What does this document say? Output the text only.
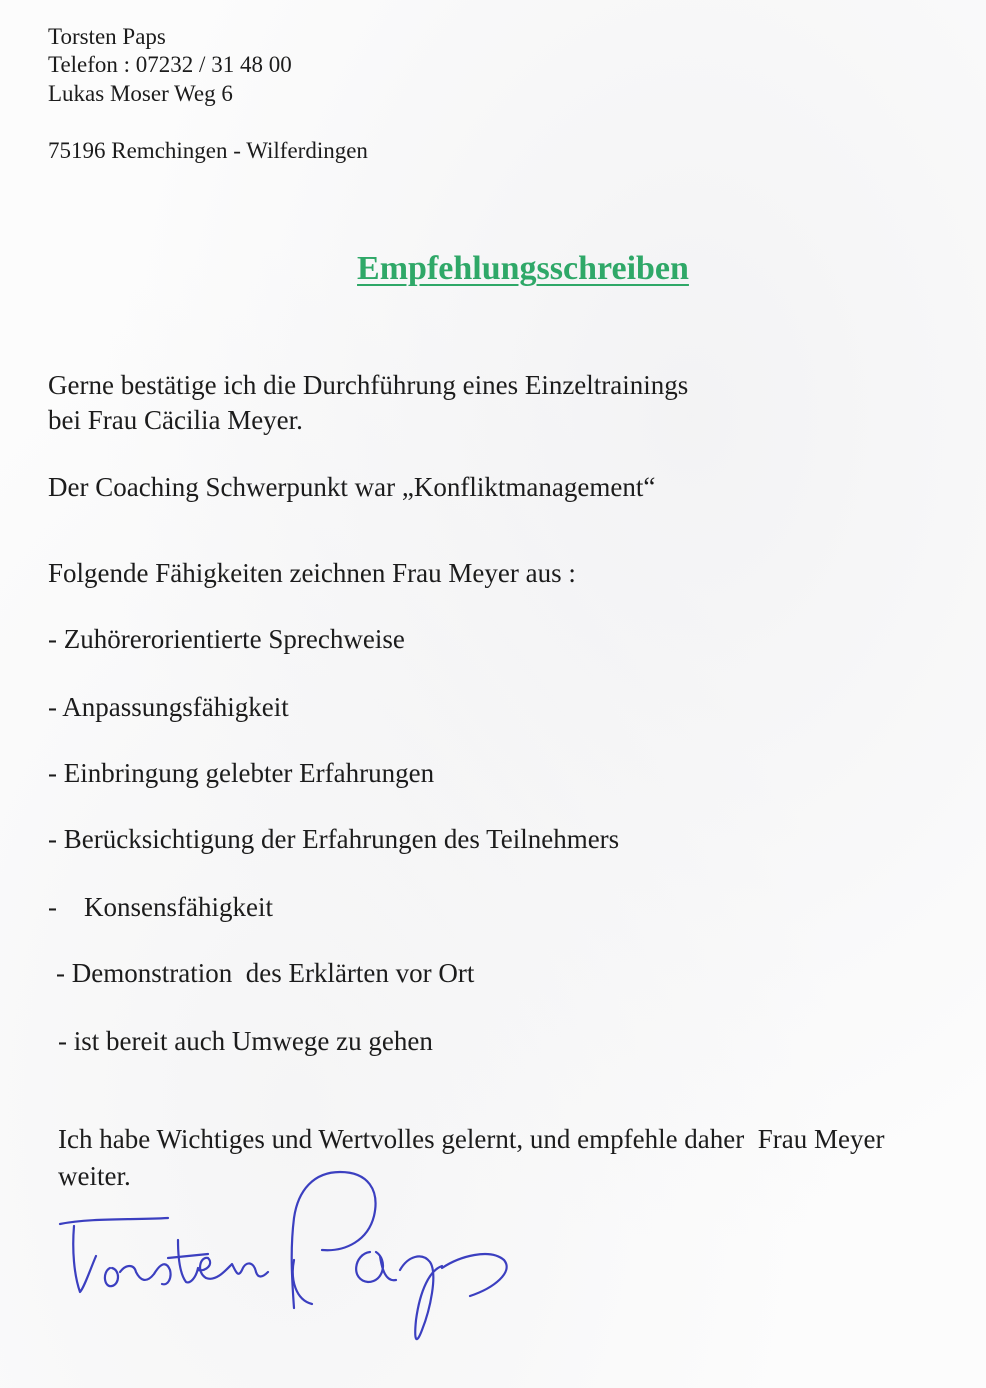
Torsten Paps
Telefon : 07232 / 31 48 00
Lukas Moser Weg 6
75196 Remchingen - Wilferdingen
Empfehlungsschreiben
Gerne bestätige ich die Durchführung eines Einzeltrainings
bei Frau Cäcilia Meyer.
Der Coaching Schwerpunkt war „Konfliktmanagement“
Folgende Fähigkeiten zeichnen Frau Meyer aus :
- Zuhörerorientierte Sprechweise
- Anpassungsfähigkeit
- Einbringung gelebter Erfahrungen
- Berücksichtigung der Erfahrungen des Teilnehmers
-    Konsensfähigkeit
- Demonstration  des Erklärten vor Ort
- ist bereit auch Umwege zu gehen
Ich habe Wichtiges und Wertvolles gelernt, und empfehle daher  Frau Meyer
weiter.
